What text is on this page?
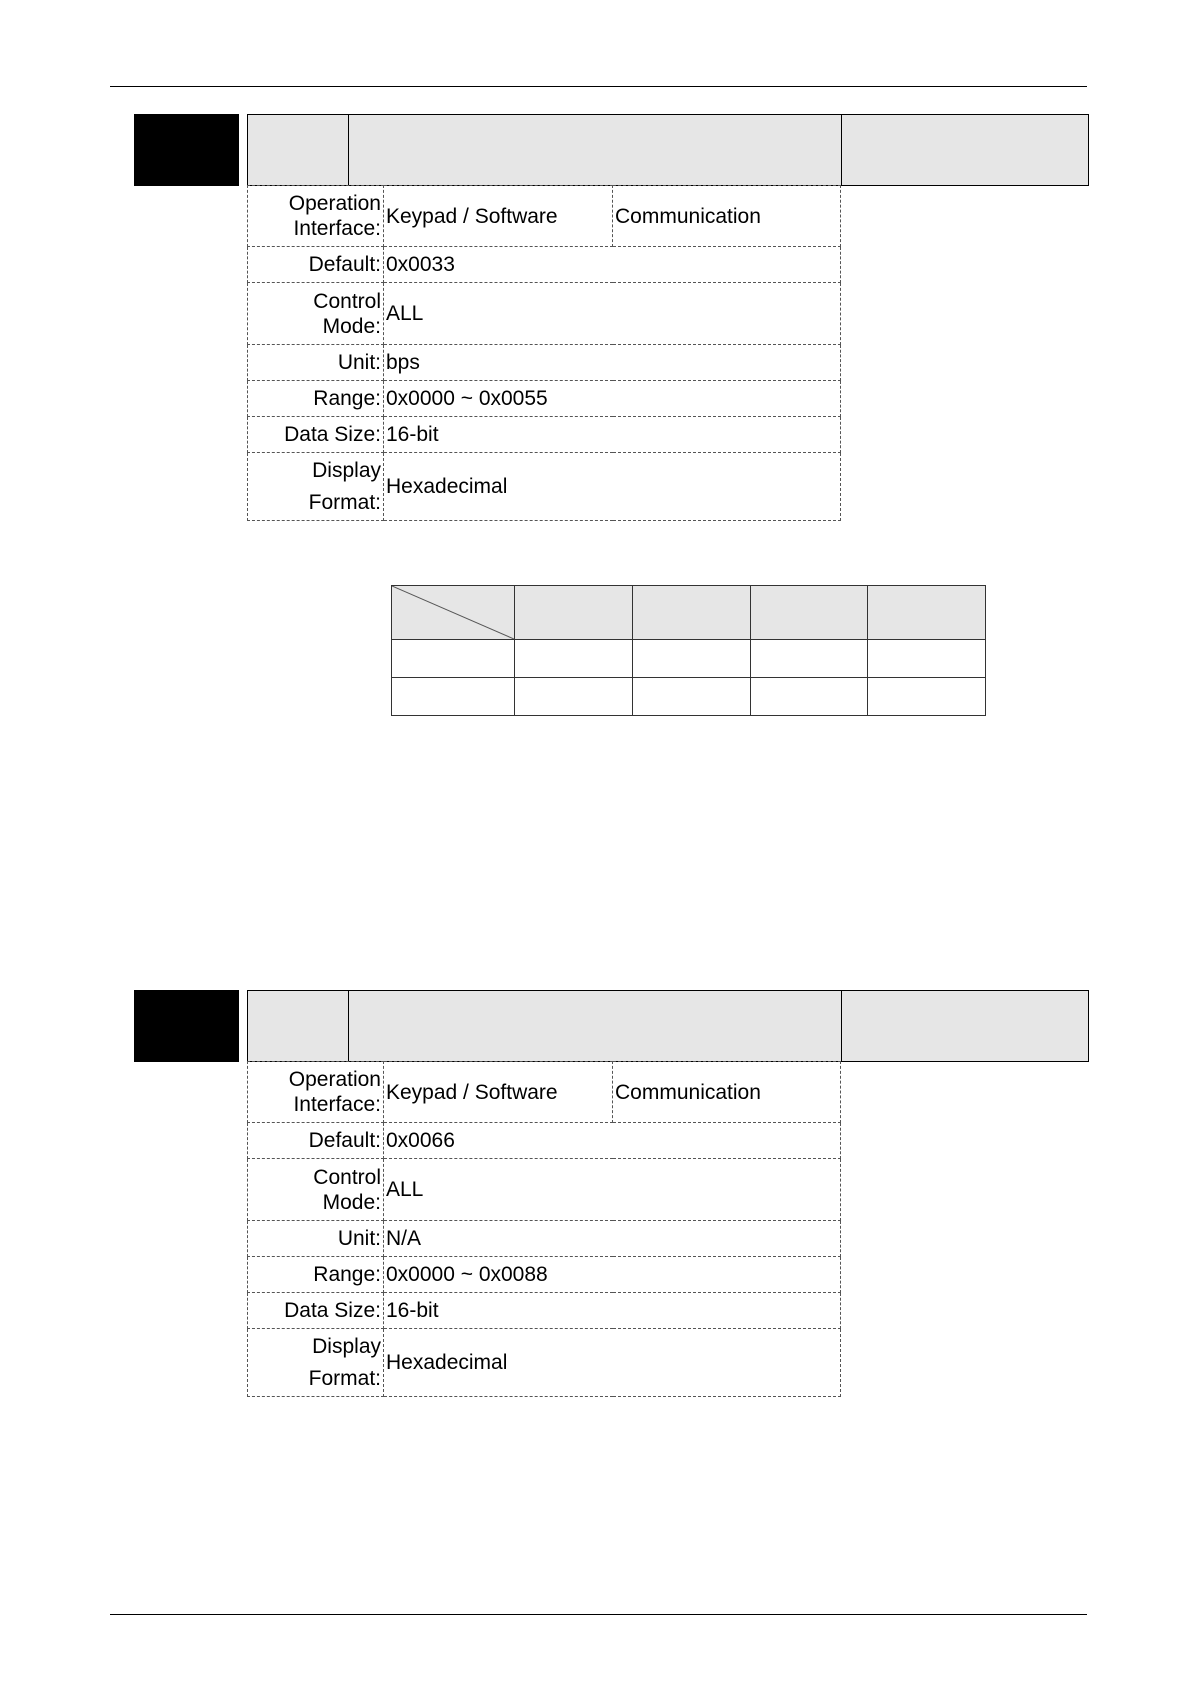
Operation Interface:	Keypad / Software	Communication
Default:	0x0033	
Control Mode:	ALL	
Unit:	bps	
Range:	0x0000 ~ 0x0055	
Data Size:	16-bit	
Display Format:	Hexadecimal	

Operation Interface:	Keypad / Software	Communication
Default:	0x0066	
Control Mode:	ALL	
Unit:	N/A	
Range:	0x0000 ~ 0x0088	
Data Size:	16-bit	
Display Format:	Hexadecimal	
